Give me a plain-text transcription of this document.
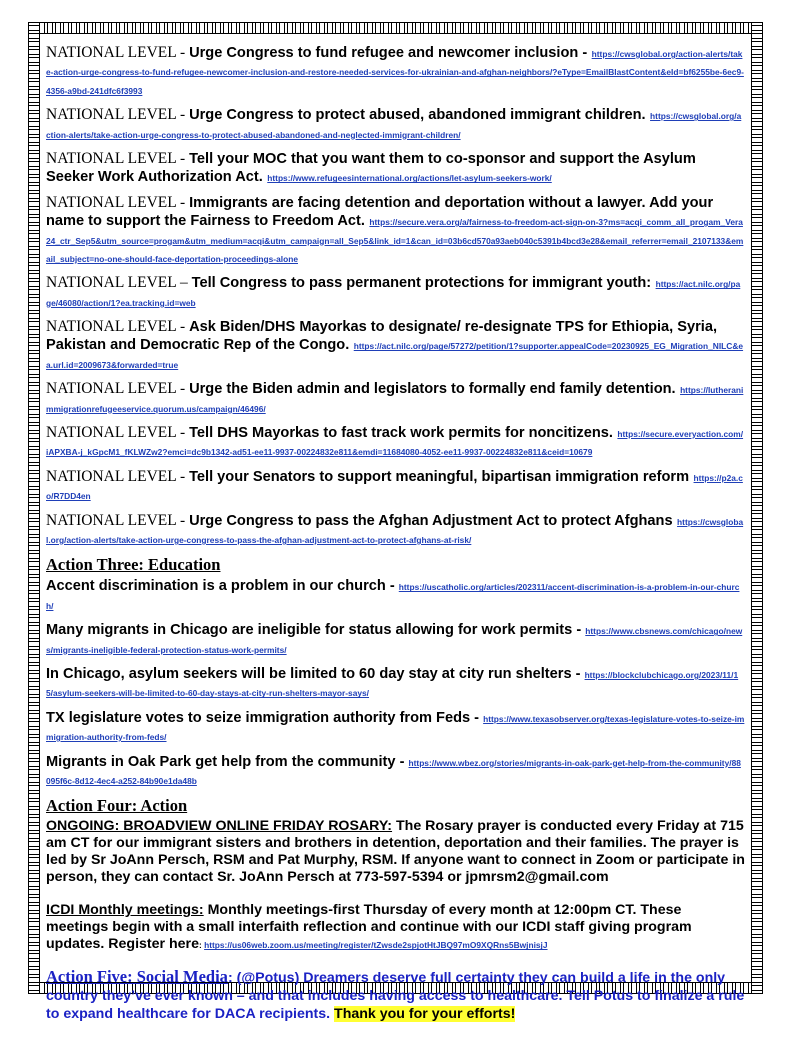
NATIONAL LEVEL - Urge Congress to fund refugee and newcomer inclusion - https://cwsglobal.org/action-alerts/take-action-urge-congress-to-fund-refugee-newcomer-inclusion-and-restore-needed-services-for-ukrainian-and-afghan-neighbors/?eType=EmailBlastContent&eId=bf6255be-6ec9-4356-a9bd-241dfc6f3993
NATIONAL LEVEL - Urge Congress to protect abused, abandoned immigrant children. https://cwsglobal.org/action-alerts/take-action-urge-congress-to-protect-abused-abandoned-and-neglected-immigrant-children/
NATIONAL LEVEL - Tell your MOC that you want them to co-sponsor and support the Asylum Seeker Work Authorization Act. https://www.refugeesinternational.org/actions/let-asylum-seekers-work/
NATIONAL LEVEL - Immigrants are facing detention and deportation without a lawyer. Add your name to support the Fairness to Freedom Act. https://secure.vera.org/a/fairness-to-freedom-act-sign-on-3?ms=acqi_comm_all_progam_Vera24_ctr_Sep5&utm_source=progam&utm_medium=acqi&utm_campaign=all_Sep5&link_id=1&can_id=03b6cd570a93aeb040c5391b4bcd3e28&email_referrer=email_2107133&email_subject=no-one-should-face-deportation-proceedings-alone
NATIONAL LEVEL – Tell Congress to pass permanent protections for immigrant youth: https://act.nilc.org/page/46080/action/1?ea.tracking.id=web
NATIONAL LEVEL - Ask Biden/DHS Mayorkas to designate/ re-designate TPS for Ethiopia, Syria, Pakistan and Democratic Rep of the Congo. https://act.nilc.org/page/57272/petition/1?supporter.appealCode=20230925_EG_Migration_NILC&ea.url.id=2009673&forwarded=true
NATIONAL LEVEL - Urge the Biden admin and legislators to formally end family detention. https://lutheranimmigrationrefugeeservice.quorum.us/campaign/46496/
NATIONAL LEVEL - Tell DHS Mayorkas to fast track work permits for noncitizens. https://secure.everyaction.com/iAPXBA-j_kGpcM1_fKLWZw2?emci=dc9b1342-ad51-ee11-9937-00224832e811&emdi=11684080-4052-ee11-9937-00224832e811&ceid=10679
NATIONAL LEVEL - Tell your Senators to support meaningful, bipartisan immigration reform https://p2a.co/R7DD4en
NATIONAL LEVEL - Urge Congress to pass the Afghan Adjustment Act to protect Afghans https://cwsglobal.org/action-alerts/take-action-urge-congress-to-pass-the-afghan-adjustment-act-to-protect-afghans-at-risk/
Action Three: Education
Accent discrimination is a problem in our church - https://uscatholic.org/articles/202311/accent-discrimination-is-a-problem-in-our-church/
Many migrants in Chicago are ineligible for status allowing for work permits - https://www.cbsnews.com/chicago/news/migrants-ineligible-federal-protection-status-work-permits/
In Chicago, asylum seekers will be limited to 60 day stay at city run shelters - https://blockclubchicago.org/2023/11/15/asylum-seekers-will-be-limited-to-60-day-stays-at-city-run-shelters-mayor-says/
TX legislature votes to seize immigration authority from Feds - https://www.texasobserver.org/texas-legislature-votes-to-seize-immigration-authority-from-feds/
Migrants in Oak Park get help from the community - https://www.wbez.org/stories/migrants-in-oak-park-get-help-from-the-community/88095f6c-8d12-4ec4-a252-84b90e1da48b
Action Four: Action

ONGOING: BROADVIEW ONLINE FRIDAY ROSARY: The Rosary prayer is conducted every Friday at 715 am CT for our immigrant sisters and brothers in detention, deportation and their families. The prayer is led by Sr JoAnn Persch, RSM and Pat Murphy, RSM. If anyone want to connect in Zoom or participate in person, they can contact Sr. JoAnn Persch at 773-597-5394 or jpmrsm2@gmail.com

ICDI Monthly meetings: Monthly meetings-first Thursday of every month at 12:00pm CT. These meetings begin with a small interfaith reflection and continue with our ICDI staff giving program updates. Register here: https://us06web.zoom.us/meeting/register/tZwsde2spjotHtJBQ97mO9XQRns5BwjnisjJ

Action Five: Social Media: (@Potus) Dreamers deserve full certainty they can build a life in the only country they’ve ever known – and that includes having access to healthcare. Tell Potus to finalize a rule to expand healthcare for DACA recipients. Thank you for your efforts!
